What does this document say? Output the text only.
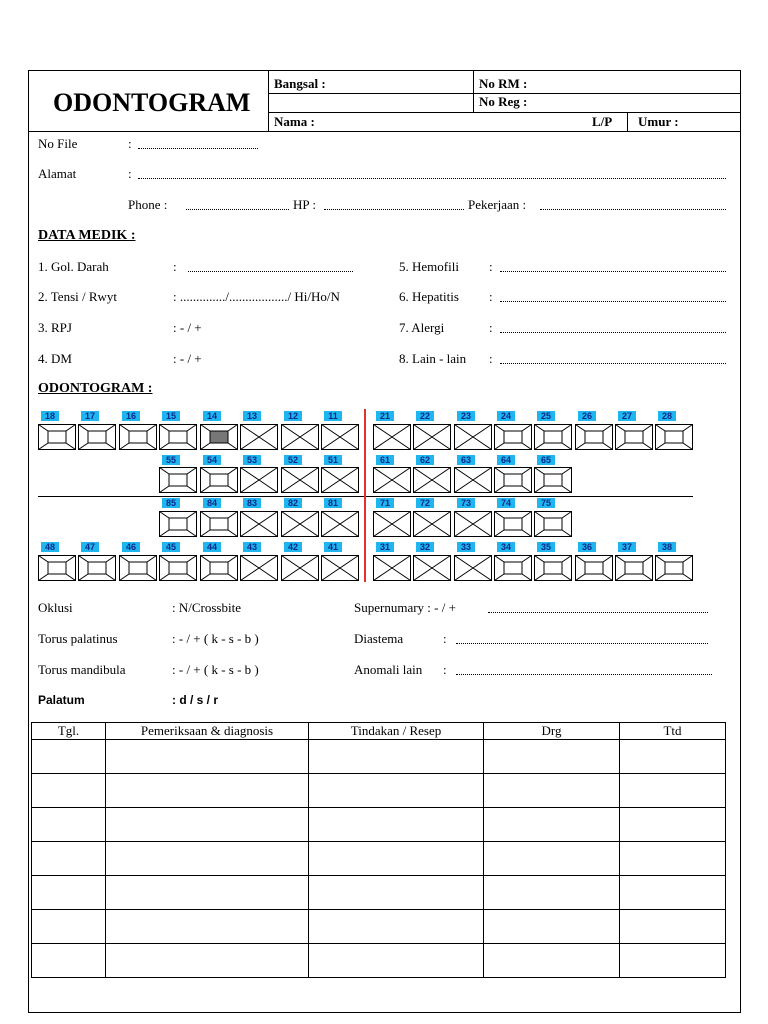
ODONTOGRAM
Bangsal :	No RM :
No Reg :
Nama :	L/P Umur :
No File	:
Alamat	:
Phone :	HP :	Pekerjaan :
DATA MEDIK :
1. Gol. Darah	:
2. Tensi / Rwyt	: ............../................../ Hi/Ho/N
3. RPJ	: - / +
4. DM	: - / +
5. Hemofili :
6. Hepatitis :
7. Alergi	:
8. Lain - lain :
ODONTOGRAM :
18	17	16	15	14	13	12	11	21	22	23	24	25	26	27	28
55	54	53	52	51	61	62	63	64	65
85	84	83	82	81	71	72	73	74	75
48	47	46	45	44	43	42	41	31	32	33	34	35	36	37	38
Oklusi	: N/Crossbite
Torus palatinus	: - / + ( k - s - b )
Torus mandibula	: - / + ( k - s - b )
Palatum	: d / s / r
Supernumary : - / +
Diastema	:
Anomali lain :
Tgl.	Pemeriksaan & diagnosis	Tindakan / Resep	Drg	Ttd
